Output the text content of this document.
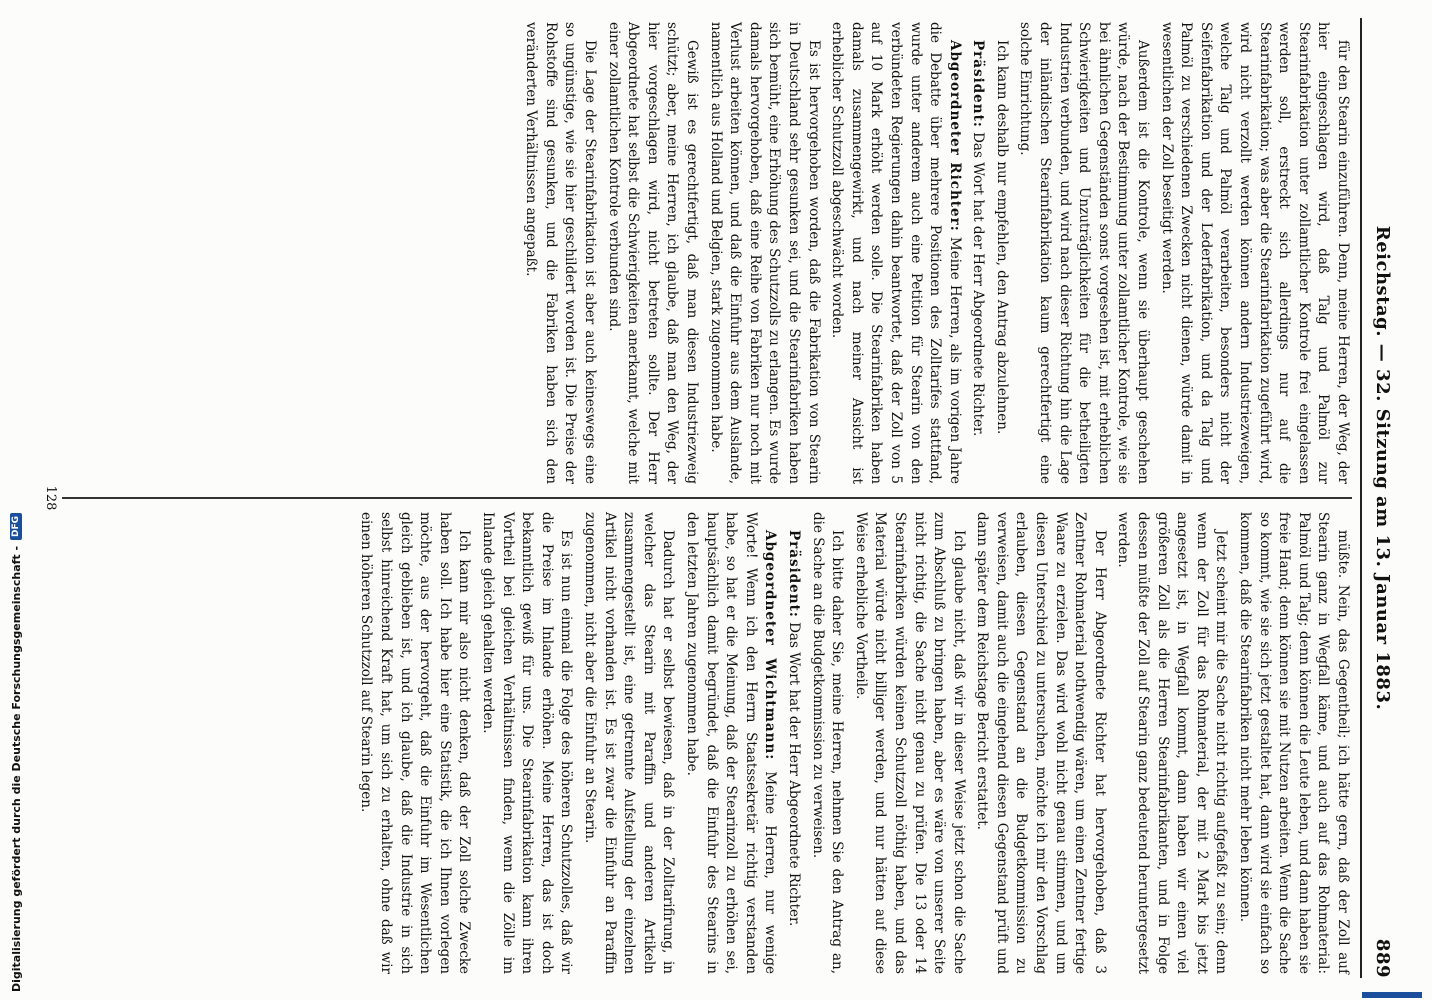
Reichstag. — 32. Sitzung am 13. Januar 1883.
889

für den Stearin einzuführen. Denn, meine Herren, der Weg, der hier eingeschlagen wird, daß Talg und Palmöl zur Stearinfabrikation unter zollamtlicher Kontrole frei eingelassen werden soll, erstreckt sich allerdings nur auf die Stearinfabrikation; was aber die Stearinfabrikation zugeführt wird, wird nicht verzollt werden können andern Industriezweigen, welche Talg und Palmöl verarbeiten, besonders nicht der Seifenfabrikation und der Lederfabrikation, und da Talg und Palmöl zu verschiedenen Zwecken nicht dienen, würde damit in wesentlichen der Zoll beseitigt werden.

Außerdem ist die Kontrole, wenn sie überhaupt geschehen würde, nach der Bestimmung unter zollamtlicher Kontrole, wie sie bei ähnlichen Gegenständen sonst vorgesehen ist, mit erheblichen Schwierigkeiten und Unzuträglichkeiten für die betheiligten Industrien verbunden, und wird nach dieser Richtung hin die Lage der inländischen Stearinfabrikation kaum gerechtfertigt eine solche Einrichtung.

Ich kann deshalb nur empfehlen, den Antrag abzulehnen.

Präsident: Das Wort hat der Herr Abgeordnete Richter.

Abgeordneter Richter: Meine Herren, als im vorigen Jahre die Debatte über mehrere Positionen des Zolltarifes stattfand, wurde unter anderem auch eine Petition für Stearin von den verbündeten Regierungen dahin beantwortet, daß der Zoll von 5 auf 10 Mark erhöht werden solle. Die Stearinfabriken haben damals zusammengewirkt, und nach meiner Ansicht ist erheblicher Schutzzoll abgeschwächt worden.

Es ist hervorgehoben worden, daß die Fabrikation von Stearin in Deutschland sehr gesunken sei, und die Stearinfabriken haben sich bemüht, eine Erhöhung des Schutzzolls zu erlangen. Es wurde damals hervorgehoben, daß eine Reihe von Fabriken nur noch mit Verlust arbeiten können, und daß die Einfuhr aus dem Auslande, namentlich aus Holland und Belgien, stark zugenommen habe.

Gewiß ist es gerechtfertigt, daß man diesen Industriezweig schützt; aber, meine Herren, ich glaube, daß man den Weg, der hier vorgeschlagen wird, nicht betreten sollte. Der Herr Abgeordnete hat selbst die Schwierigkeiten anerkannt, welche mit einer zollamtlichen Kontrole verbunden sind.

Die Lage der Stearinfabrikation ist aber auch keineswegs eine so ungünstige, wie sie hier geschildert worden ist. Die Preise der Rohstoffe sind gesunken, und die Fabriken haben sich den veränderten Verhältnissen angepaßt.

müßte. Nein, das Gegentheil; ich hätte gern, daß der Zoll auf Stearin ganz in Wegfall käme, und auch auf das Rohmaterial: Palmöl und Talg; denn können die Leute leben, und dann haben sie freie Hand; denn können sie mit Nutzen arbeiten. Wenn die Sache so kommt, wie sie sich jetzt gestaltet hat, dann wird sie einfach so kommen, daß die Stearinfabriken nicht mehr leben können.

Jetzt scheint mir die Sache nicht richtig aufgefaßt zu sein; denn wenn der Zoll für das Rohmaterial, der mit 2 Mark bis jetzt angesetzt ist, in Wegfall kommt, dann haben wir einen viel größeren Zoll als die Herren Stearinfabrikanten, und in Folge dessen müßte der Zoll auf Stearin ganz bedeutend heruntergesetzt werden.

Der Herr Abgeordnete Richter hat hervorgehoben, daß 3 Zentner Rohmaterial nothwendig wären, um einen Zentner fertige Waare zu erzielen. Das wird wohl nicht genau stimmen, und um diesen Unterschied zu untersuchen, möchte ich mir den Vorschlag erlauben, diesen Gegenstand an die Budgetkommission zu verweisen, damit auch die eingehend diesen Gegenstand prüft und dann später dem Reichstage Bericht erstattet.

Ich glaube nicht, daß wir in dieser Weise jetzt schon die Sache zum Abschluß zu bringen haben, aber es wäre von unserer Seite nicht richtig, die Sache nicht genau zu prüfen. Die 13 oder 14 Stearinfabriken würden keinen Schutzzoll nöthig haben, und das Material würde nicht billiger werden, und nur hätten auf diese Weise erhebliche Vortheile.

Ich bitte daher Sie, meine Herren, nehmen Sie den Antrag an, die Sache an die Budgetkommission zu verweisen.

Präsident: Das Wort hat der Herr Abgeordnete Richter.

Abgeordneter Wichtmann: Meine Herren, nur wenige Worte! Wenn ich den Herrn Staatssekretär richtig verstanden habe, so hat er die Meinung, daß der Stearinzoll zu erhöhen sei, hauptsächlich damit begründet, daß die Einfuhr des Stearins in den letzten Jahren zugenommen habe.

Dadurch hat er selbst bewiesen, daß in der Zolltarifirung, in welcher das Stearin mit Paraffin und anderen Artikeln zusammengestellt ist, eine getrennte Aufstellung der einzelnen Artikel nicht vorhanden ist. Es ist zwar die Einfuhr an Paraffin zugenommen, nicht aber die Einfuhr an Stearin.

Es ist nun einmal die Folge des höheren Schutzzolles, daß wir die Preise im Inlande erhöhen. Meine Herren, das ist doch bekanntlich gewiß für uns. Die Stearinfabrikation kann ihren Vortheil bei gleichen Verhältnissen finden, wenn die Zölle im Inlande gleich gehalten werden.

Ich kann mir also nicht denken, daß der Zoll solche Zwecke haben soll. Ich habe hier eine Statistik, die ich Ihnen vorlegen möchte, aus der hervorgeht, daß die Einfuhr im Wesentlichen gleich geblieben ist, und ich glaube, daß die Industrie in sich selbst hinreichend Kraft hat, um sich zu erhalten, ohne daß wir einen höheren Schutzzoll auf Stearin legen.

128
Digitalisierung gefördert durch die Deutsche Forschungsgemeinschaft -
DFG
